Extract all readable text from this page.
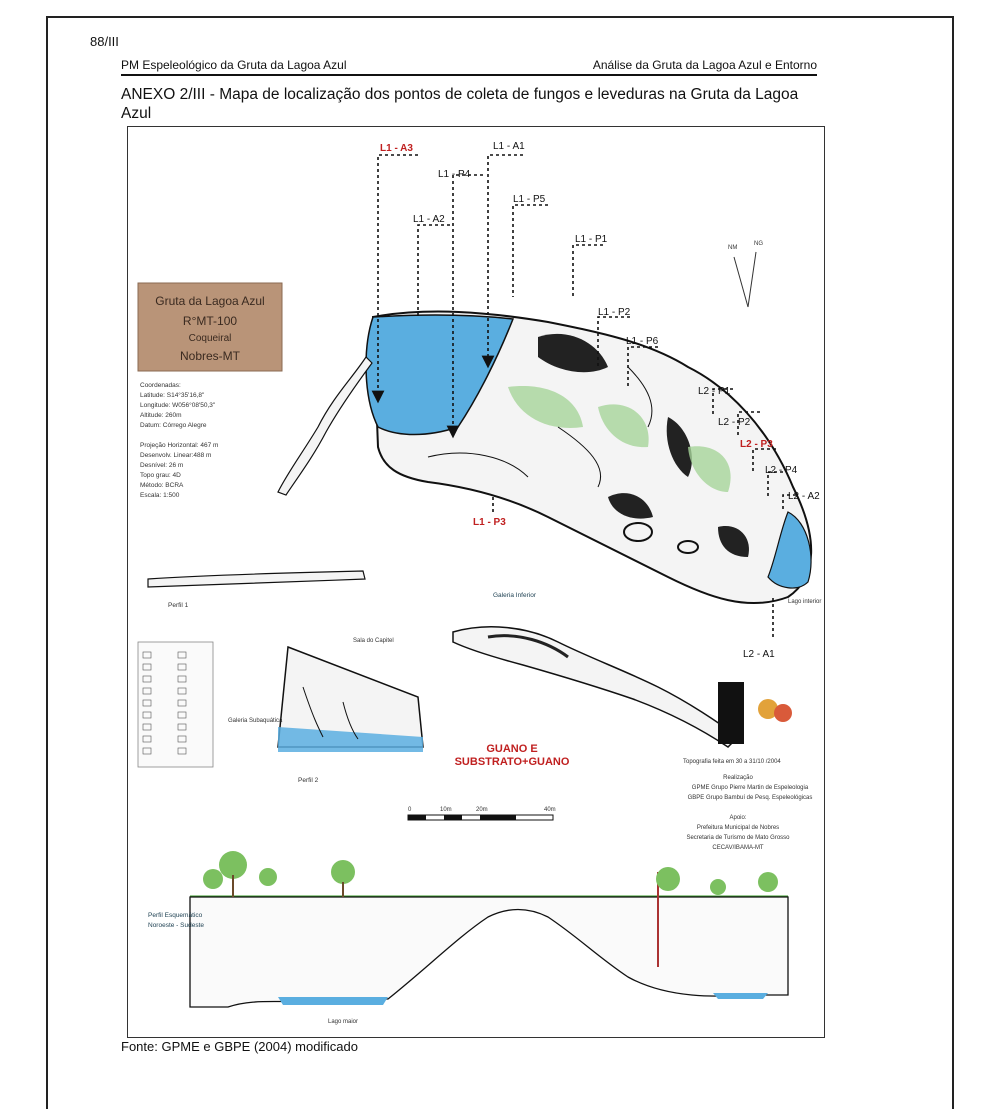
88/III
PM Espeleológico da Gruta da Lagoa Azul	Análise da Gruta da Lagoa Azul e Entorno
ANEXO 2/III - Mapa de localização dos pontos de coleta de fungos e leveduras na Gruta da Lagoa Azul
Gruta da Lagoa Azul
R°MT-100
Coqueiral
Nobres-MT
Coordenadas:
Latitude: S14°35'16,8"
Longitude: W056°08'50,3"
Altitude: 260m
Datum: Córrego Alegre
Projeção Horizontal: 467 m
Desenvolv. Linear:488 m
Desnível: 26 m
Topo grau: 4D
Método: BCRA
Escala: 1:500
NM
NG
Galeria Inferior
Lago interior
Perfil 1
Perfil 2
Sala do Capitel
Galeria Subaquática
Topografia feita em 30 a 31/10 /2004
Realização
GPME Grupo Pierre Martin de Espeleologia
GBPE Grupo Bambuí de Pesq. Espeleológicas
Apoio:
Prefeitura Municipal de Nobres
Secretaria de Turismo de Mato Grosso
CECAV/IBAMA-MT
0	10m	20m	40m
Perfil Esquemático
Noroeste - Sudeste
Lago maior
L1 - A1
L1 - P4
L1 - P5
L1 - A2
L1 - P1
L1 - P2
L1 - P6
L2 - P1
L2 - P2
L2 - P4
L2 - A2
L2 - A1
L1 - A3
L2 - P3
L1 - P3
GUANO E
SUBSTRATO+GUANO
Fonte: GPME e GBPE (2004) modificado
